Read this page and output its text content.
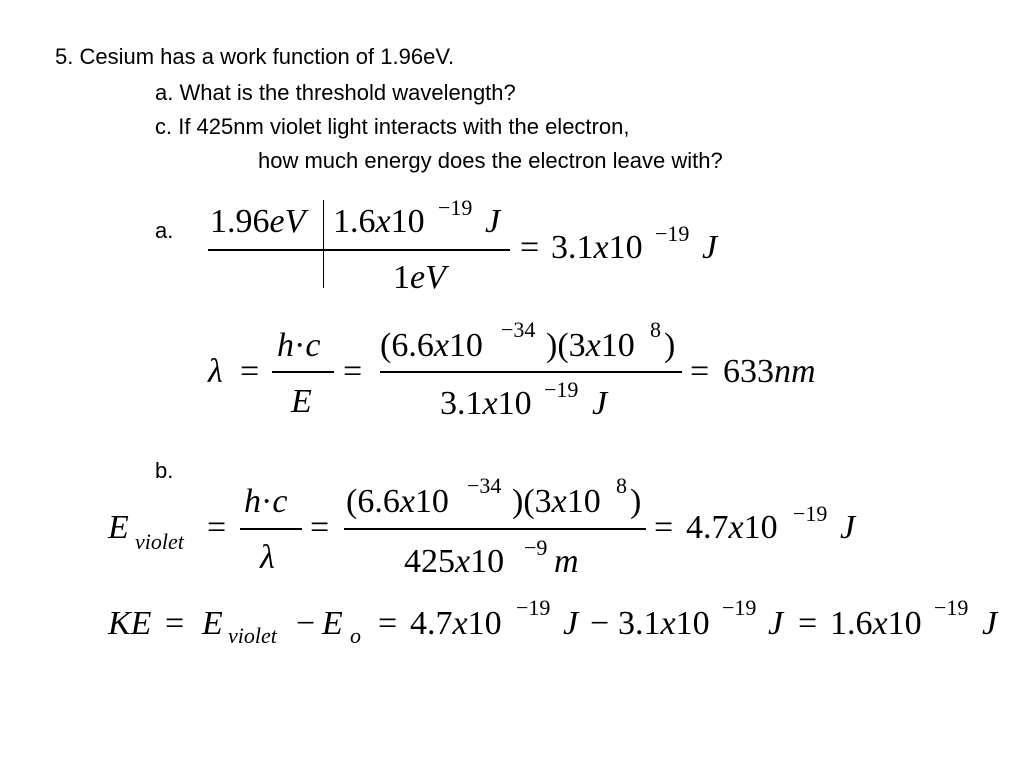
5. Cesium has a work function of 1.96eV.
a. What is the threshold wavelength?
c. If 425nm violet light interacts with the electron,
how much energy does the electron leave with?
a. 1.96eV 1.6x10 −19 J
1eV
= 3.1x10 −19 J
λ =
h·c
E
=
(6.6x10 −34 )(3x10 8 )
3.1x10 −19 J
= 633nm
b.
E violet =
h·c
λ
=
(6.6x10 −34 )(3x10 8 )
425x10 −9 m
= 4.7x10 −19 J
KE = E violet − E o = 4.7x10 −19 J − 3.1x10 −19 J = 1.6x10 −19 J
